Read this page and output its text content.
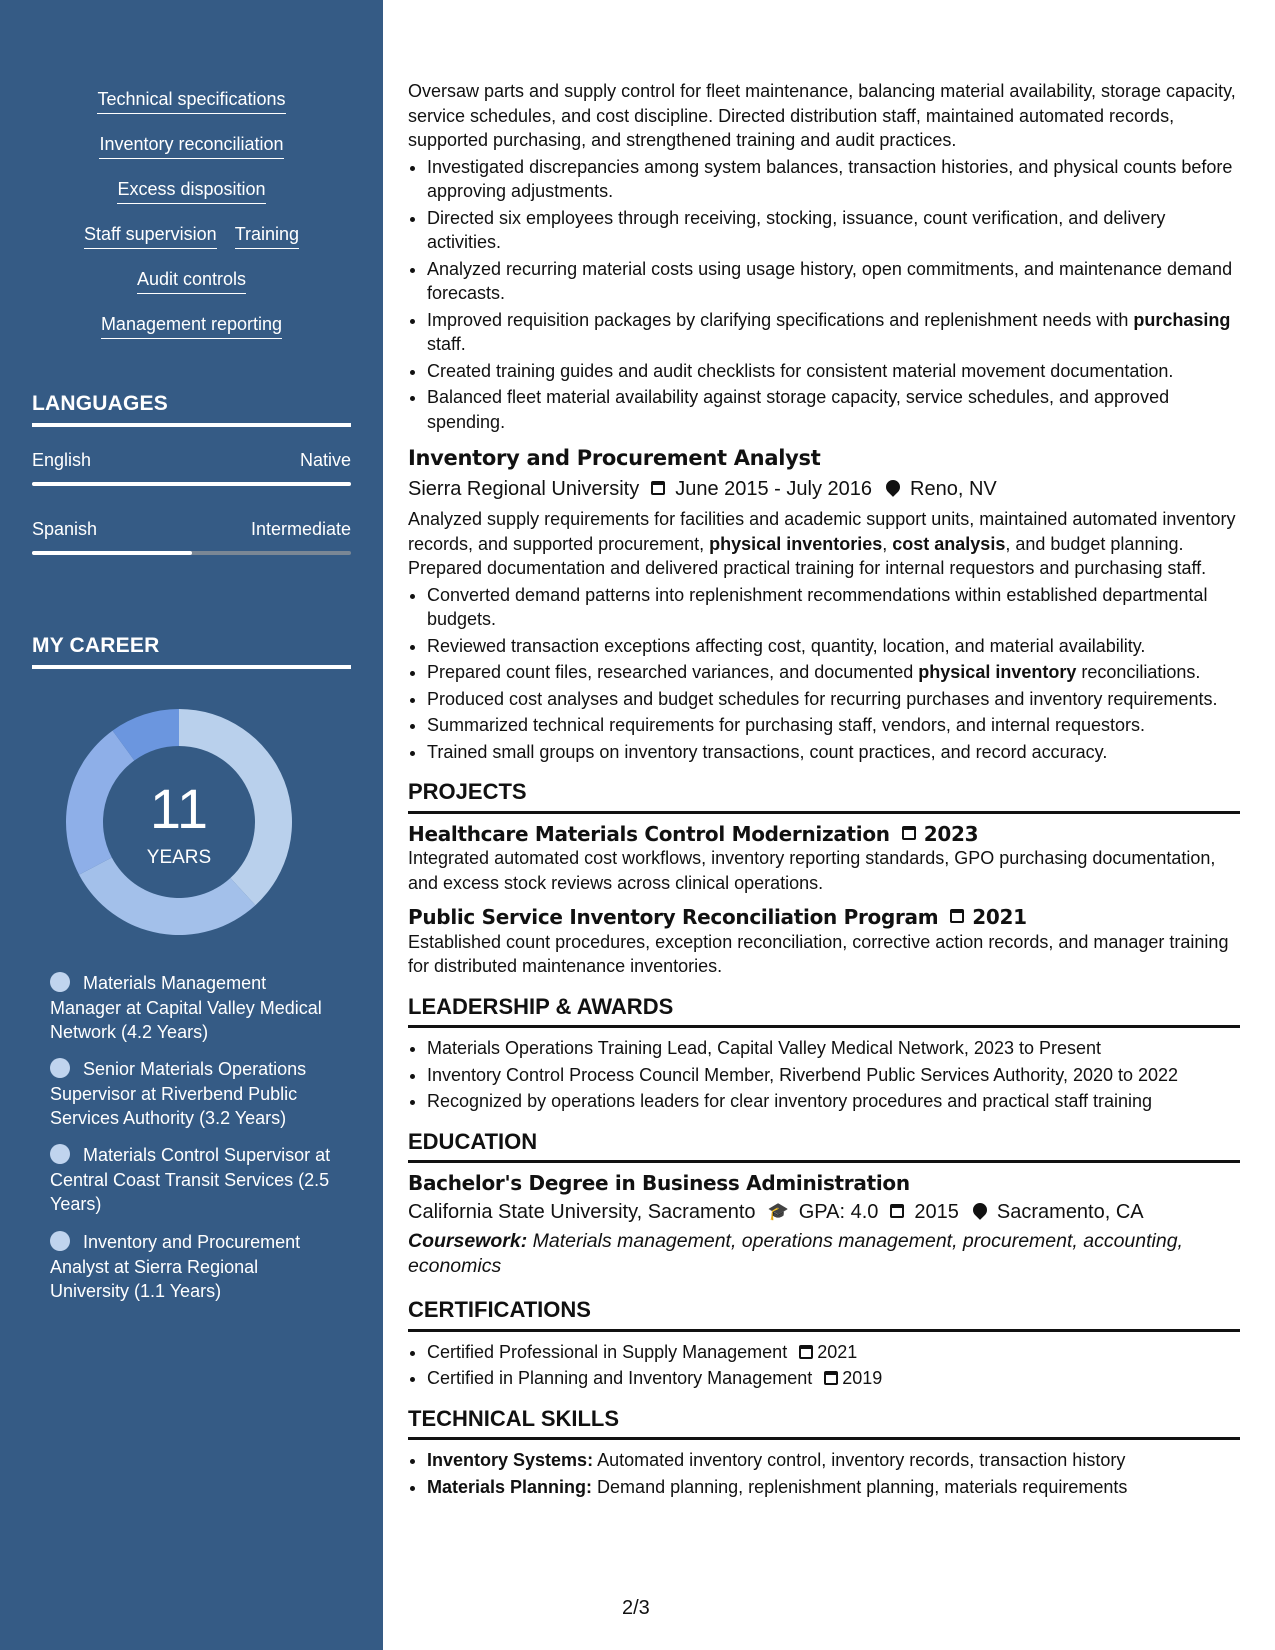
Technical specifications
Inventory reconciliation
Excess disposition
Staff supervision Training
Audit controls
Management reporting
LANGUAGES
English	Native
Spanish	Intermediate
MY CAREER
11
YEARS
Materials Management Manager at Capital Valley Medical Network (4.2 Years)
Senior Materials Operations Supervisor at Riverbend Public Services Authority (3.2 Years)
Materials Control Supervisor at Central Coast Transit Services (2.5 Years)
Inventory and Procurement Analyst at Sierra Regional University (1.1 Years)

Oversaw parts and supply control for fleet maintenance, balancing material availability, storage capacity, service schedules, and cost discipline. Directed distribution staff, maintained automated records, supported purchasing, and strengthened training and audit practices.

• Investigated discrepancies among system balances, transaction histories, and physical counts before approving adjustments.
• Directed six employees through receiving, stocking, issuance, count verification, and delivery activities.
• Analyzed recurring material costs using usage history, open commitments, and maintenance demand forecasts.
• Improved requisition packages by clarifying specifications and replenishment needs with purchasing staff.
• Created training guides and audit checklists for consistent material movement documentation.
• Balanced fleet material availability against storage capacity, service schedules, and approved spending.
Inventory and Procurement Analyst
Sierra Regional University June 2015 - July 2016 Reno, NV

Analyzed supply requirements for facilities and academic support units, maintained automated inventory records, and supported procurement, physical inventories, cost analysis, and budget planning. Prepared documentation and delivered practical training for internal requestors and purchasing staff.

• Converted demand patterns into replenishment recommendations within established departmental budgets.
• Reviewed transaction exceptions affecting cost, quantity, location, and material availability.
• Prepared count files, researched variances, and documented physical inventory reconciliations.
• Produced cost analyses and budget schedules for recurring purchases and inventory requirements.
• Summarized technical requirements for purchasing staff, vendors, and internal requestors.
• Trained small groups on inventory transactions, count practices, and record accuracy.
PROJECTS
Healthcare Materials Control Modernization 2023

Integrated automated cost workflows, inventory reporting standards, GPO purchasing documentation, and excess stock reviews across clinical operations.

Public Service Inventory Reconciliation Program 2021

Established count procedures, exception reconciliation, corrective action records, and manager training for distributed maintenance inventories.

LEADERSHIP & AWARDS
• Materials Operations Training Lead, Capital Valley Medical Network, 2023 to Present
• Inventory Control Process Council Member, Riverbend Public Services Authority, 2020 to 2022
• Recognized by operations leaders for clear inventory procedures and practical staff training
EDUCATION
Bachelor's Degree in Business Administration
California State University, Sacramento 🎓 GPA: 4.0 2015 Sacramento, CA
Coursework: Materials management, operations management, procurement, accounting, economics
CERTIFICATIONS
• Certified Professional in Supply Management 2021
• Certified in Planning and Inventory Management 2019
TECHNICAL SKILLS
• Inventory Systems: Automated inventory control, inventory records, transaction history
• Materials Planning: Demand planning, replenishment planning, materials requirements
2/3
